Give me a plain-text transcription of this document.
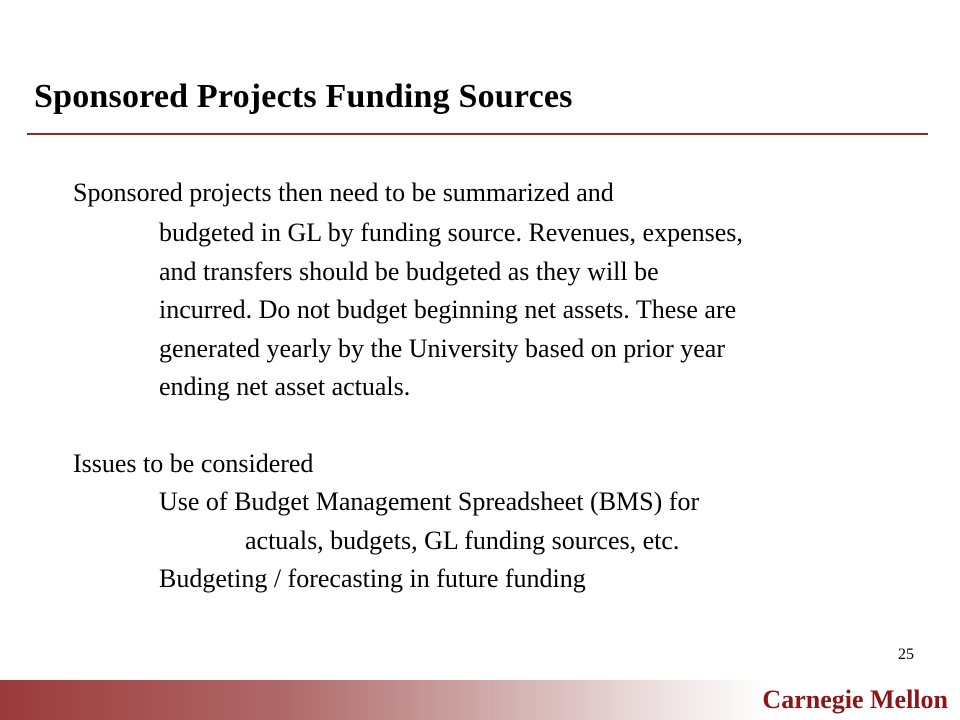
Sponsored Projects Funding Sources

Sponsored projects then need to be summarized and

budgeted in GL by funding source. Revenues, expenses,

and transfers should be budgeted as they will be

incurred. Do not budget beginning net assets. These are

generated yearly by the University based on prior year

ending net asset actuals.

Issues to be considered

Use of Budget Management Spreadsheet (BMS) for

actuals, budgets, GL funding sources, etc.

Budgeting / forecasting in future funding

25
Carnegie Mellon
